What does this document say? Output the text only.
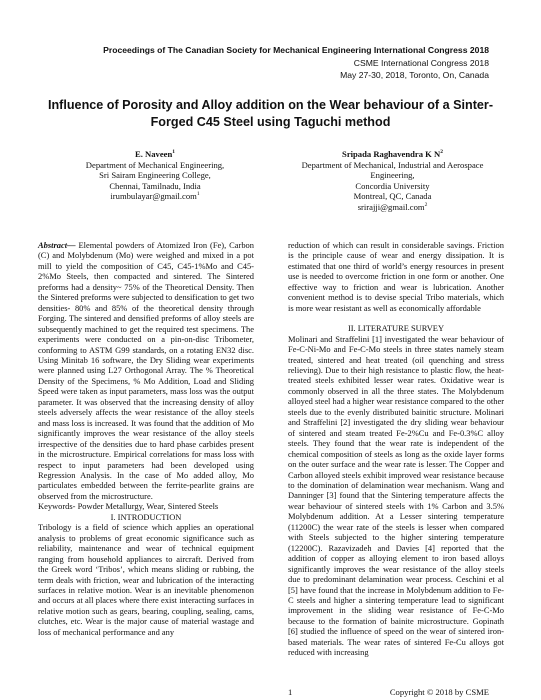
Proceedings of The Canadian Society for Mechanical Engineering International Congress 2018
CSME International Congress 2018
May 27-30, 2018, Toronto, On, Canada
Influence of Porosity and Alloy addition on the Wear behaviour of a Sinter-
Forged C45 Steel using Taguchi method
E. Naveen$^1$
Department of Mechanical Engineering,
Sri Sairam Engineering College,
Chennai, Tamilnadu, India
irumbulayar@gmail.com$^1$
Sripada Raghavendra K $N^2$
Department of Mechanical, Industrial and Aerospace
Engineering,
Concordia University
Montreal, QC, Canada
srirajji@gmail.com$^2$

Abstract— Elemental powders of Atomized Iron (Fe), Carbon (C) and Molybdenum (Mo) were weighed and mixed in a pot mill to yield the composition of C45, C45-1%Mo and C45-2%Mo Steels, then compacted and sintered. The Sintered preforms had a density~ 75% of the Theoretical Density. Then the Sintered preforms were subjected to densification to get two densities- 80% and 85% of the theoretical density through Forging. The sintered and densified preforms of alloy steels are subsequently machined to get the required test specimens. The experiments were conducted on a pin-on-disc Tribometer, conforming to ASTM G99 standards, on a rotating EN32 disc. Using Minitab 16 software, the Dry Sliding wear experiments were planned using L27 Orthogonal Array. The % Theoretical Density of the Specimens, % Mo Addition, Load and Sliding Speed were taken as input parameters, mass loss was the output parameter. It was observed that the increasing density of alloy steels adversely affects the wear resistance of the alloy steels and mass loss is increased. It was found that the addition of Mo significantly improves the wear resistance of the alloy steels irrespective of the densities due to hard phase carbides present in the microstructure. Empirical correlations for mass loss with respect to input parameters had been developed using Regression Analysis. In the case of Mo added alloy, Mo particulates embedded between the ferrite-pearlite grains are observed from the microstructure.

Keywords- Powder Metallurgy, Wear, Sintered Steels

I. INTRODUCTION

Tribology is a field of science which applies an operational analysis to problems of great economic significance such as reliability, maintenance and wear of technical equipment ranging from household appliances to aircraft. Derived from the Greek word ‘Tribos’, which means sliding or rubbing, the term deals with friction, wear and lubrication of the interacting surfaces in relative motion. Wear is an inevitable phenomenon and occurs at all places where there exist interacting surfaces in relative motion such as gears, bearing, coupling, sealing, cams, clutches, etc. Wear is the major cause of material wastage and loss of mechanical performance and any

reduction of which can result in considerable savings. Friction is the principle cause of wear and energy dissipation. It is estimated that one third of world’s energy resources in present use is needed to overcome friction in one form or another. One effective way to friction and wear is lubrication. Another convenient method is to devise special Tribo materials, which is more wear resistant as well as economically affordable

II. LITERATURE SURVEY

Molinari and Straffelini [1] investigated the wear behaviour of Fe-C-Ni-Mo and Fe-C-Mo steels in three states namely steam treated, sintered and heat treated (oil quenching and stress relieving). Due to their high resistance to plastic flow, the heat-treated steels exhibited lesser wear rates. Oxidative wear is commonly observed in all the three states. The Molybdenum alloyed steel had a higher wear resistance compared to the other steels due to the evenly distributed bainitic structure. Molinari and Straffelini [2] investigated the dry sliding wear behaviour of sintered and steam treated Fe-2%Cu and Fe-0.3%C alloy steels. They found that the wear rate is independent of the chemical composition of steels as long as the oxide layer forms on the outer surface and the wear rate is lesser. The Copper and Carbon alloyed steels exhibit improved wear resistance because to the domination of delamination wear mechanism. Wang and Danninger [3] found that the Sintering temperature affects the wear behaviour of sintered steels with 1% Carbon and 3.5% Molybdenum addition. At a Lesser sintering temperature (11200C) the wear rate of the steels is lesser when compared with Steels subjected to the higher sintering temperature (12200C). Razavizadeh and Davies [4] reported that the addition of copper as alloying element to iron based alloys significantly improves the wear resistance of the alloy steels due to predominant delamination wear process. Ceschini et al [5] have found that the increase in Molybdenum addition to Fe-C steels and higher a sintering temperature lead to significant improvement in the sliding wear resistance of Fe-C-Mo because to the formation of bainite microstructure. Gopinath [6] studied the influence of speed on the wear of sintered iron-based materials. The wear rates of sintered Fe-Cu alloys got reduced with increasing

1	Copyright © 2018 by CSME
